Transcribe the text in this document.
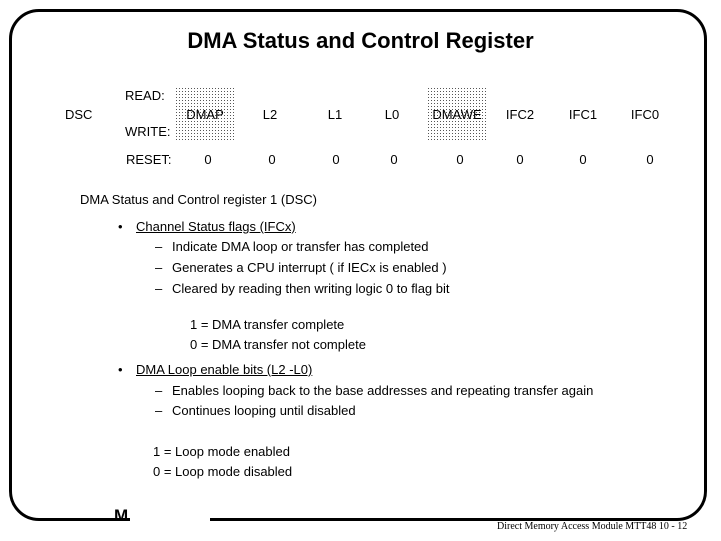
DMA Status and Control Register
DSC
READ:
WRITE:
DMAP	L2	L1	L0	DMAWE	IFC2	IFC1	IFC0
RESET:	0	0	0	0	0	0	0	0
DMA Status and Control register 1 (DSC)
• Channel Status flags (IFCx)
– Indicate DMA loop or transfer has completed
– Generates a CPU interrupt ( if IECx is enabled )
– Cleared by reading then writing logic 0 to flag bit
1 = DMA transfer complete
0 = DMA transfer not complete
• DMA Loop enable bits (L2 -L0)
– Enables looping back to the base addresses and repeating transfer again
– Continues looping until disabled
1 = Loop mode enabled
0 = Loop mode disabled
M
Direct Memory Access Module MTT48 10 - 12
